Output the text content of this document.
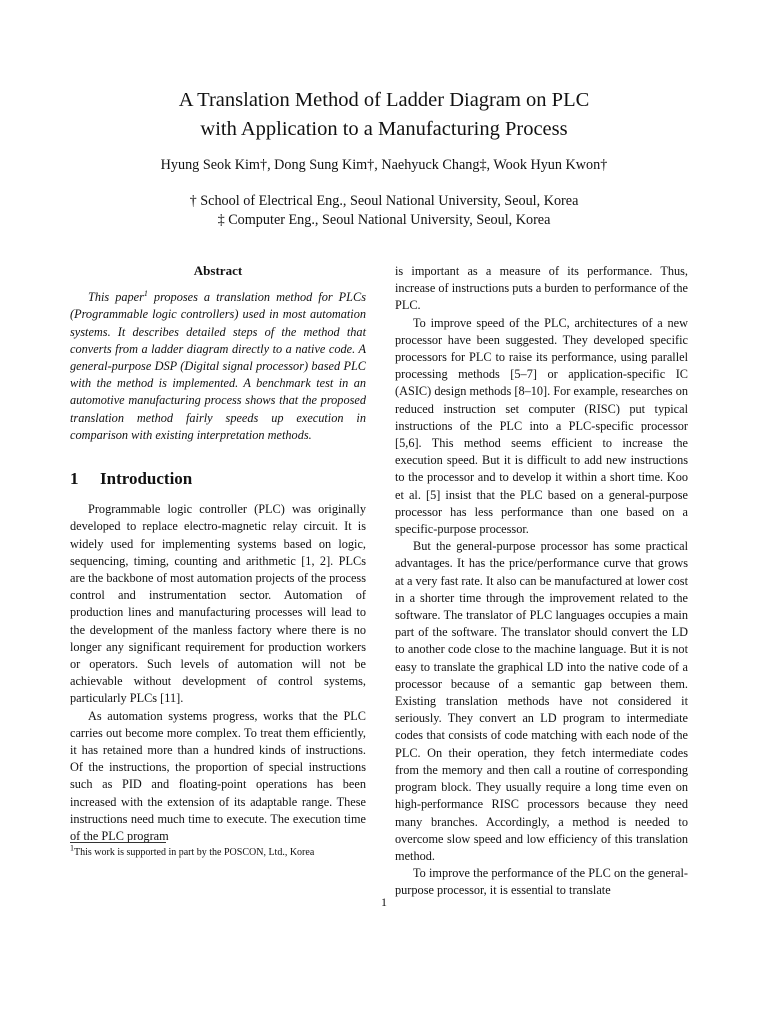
A Translation Method of Ladder Diagram on PLC
with Application to a Manufacturing Process
Hyung Seok Kim†, Dong Sung Kim†, Naehyuck Chang‡, Wook Hyun Kwon†
† School of Electrical Eng., Seoul National University, Seoul, Korea
‡ Computer Eng., Seoul National University, Seoul, Korea
Abstract

This paper$^1$ proposes a translation method for PLCs (Programmable logic controllers) used in most automation systems. It describes detailed steps of the method that converts from a ladder diagram directly to a native code. A general-purpose DSP (Digital signal processor) based PLC with the method is implemented. A benchmark test in an automotive manufacturing process shows that the proposed translation method fairly speeds up execution in comparison with existing interpretation methods.

1 Introduction

Programmable logic controller (PLC) was originally developed to replace electro-magnetic relay circuit. It is widely used for implementing systems based on logic, sequencing, timing, counting and arithmetic [1, 2]. PLCs are the backbone of most automation projects of the process control and instrumentation sector. Automation of production lines and manufacturing processes will lead to the development of the manless factory where there is no longer any significant requirement for production workers or operators. Such levels of automation will not be achievable without development of control systems, particularly PLCs [11].

As automation systems progress, works that the PLC carries out become more complex. To treat them efficiently, it has retained more than a hundred kinds of instructions. Of the instructions, the proportion of special instructions such as PID and floating-point operations has been increased with the extension of its adaptable range. These instructions need much time to execute. The execution time of the PLC program

is important as a measure of its performance. Thus, increase of instructions puts a burden to performance of the PLC.

To improve speed of the PLC, architectures of a new processor have been suggested. They developed specific processors for PLC to raise its performance, using parallel processing methods [5–7] or application-specific IC (ASIC) design methods [8–10]. For example, researches on reduced instruction set computer (RISC) put typical instructions of the PLC into a PLC-specific processor [5,6]. This method seems efficient to increase the execution speed. But it is difficult to add new instructions to the processor and to develop it within a short time. Koo et al. [5] insist that the PLC based on a general-purpose processor has less performance than one based on a specific-purpose processor.

But the general-purpose processor has some practical advantages. It has the price/performance curve that grows at a very fast rate. It also can be manufactured at lower cost in a shorter time through the improvement related to the software. The translator of PLC languages occupies a main part of the software. The translator should convert the LD to another code close to the machine language. But it is not easy to translate the graphical LD into the native code of a processor because of a semantic gap between them. Existing translation methods have not considered it seriously. They convert an LD program to intermediate codes that consists of code matching with each node of the PLC. On their operation, they fetch intermediate codes from the memory and then call a routine of corresponding program block. They usually require a long time even on high-performance RISC processors because they need many branches. Accordingly, a method is needed to overcome slow speed and low efficiency of this translation method.

To improve the performance of the PLC on the general-purpose processor, it is essential to translate

$^1$This work is supported in part by the POSCON, Ltd., Korea
1
